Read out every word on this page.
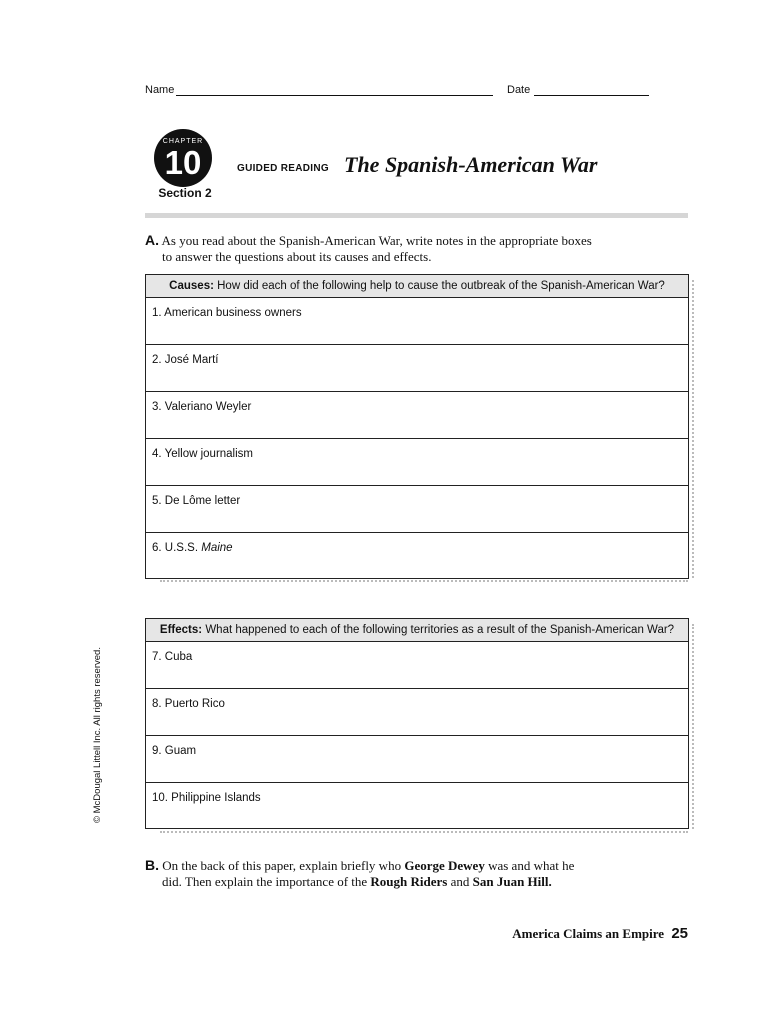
Name	Date
CHAPTER
10
Section 2
GUIDED READING The Spanish-American War
A. As you read about the Spanish-American War, write notes in the appropriate boxes
to answer the questions about its causes and effects.
Causes: How did each of the following help to cause the outbreak of the Spanish-American War?
1. American business owners
2. José Martí
3. Valeriano Weyler
4. Yellow journalism
5. De Lôme letter
6. U.S.S. Maine
Effects: What happened to each of the following territories as a result of the Spanish-American War?
7. Cuba
8. Puerto Rico
9. Guam
10. Philippine Islands
B. On the back of this paper, explain briefly who George Dewey was and what he
did. Then explain the importance of the Rough Riders and San Juan Hill.
© McDougal Littell Inc. All rights reserved.
America Claims an Empire 25
